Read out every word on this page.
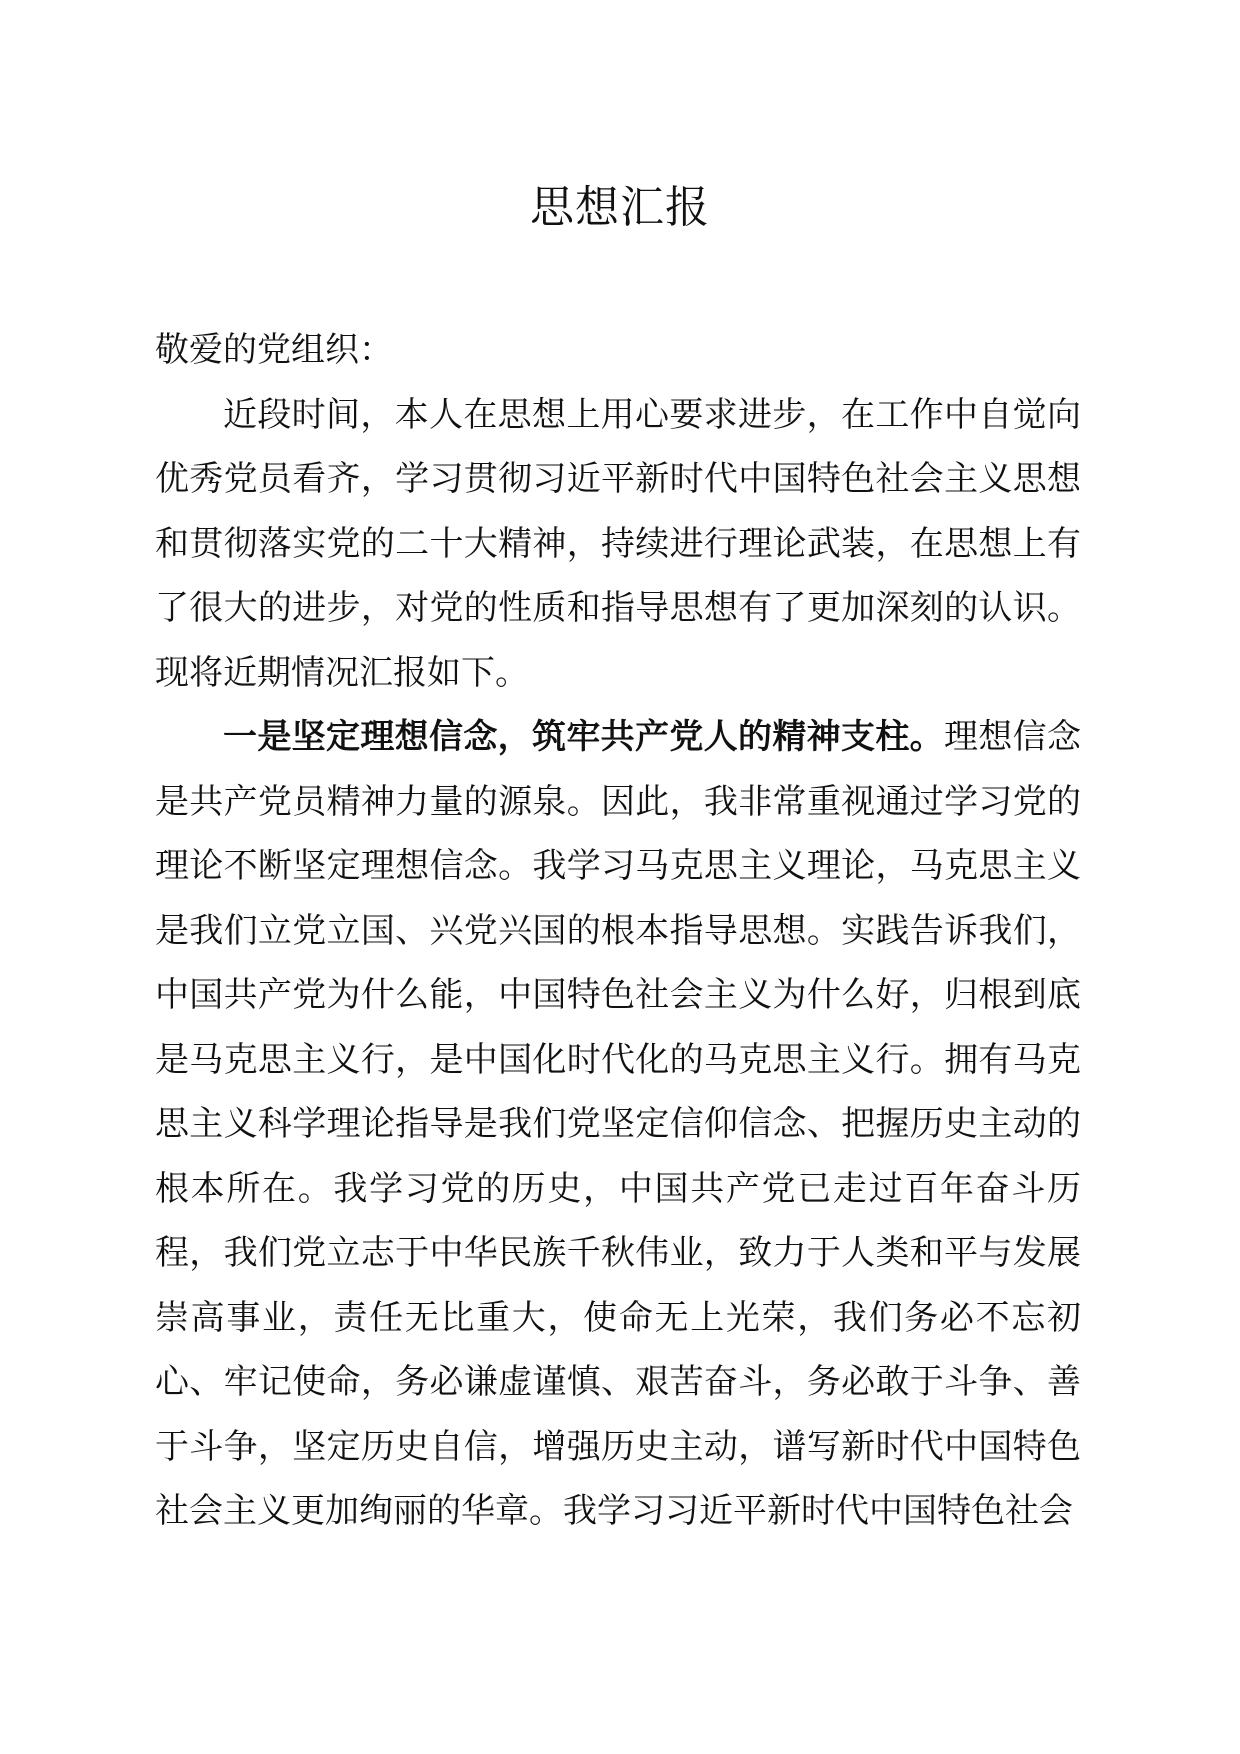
思想汇报

敬爱的党组织：

近段时间，本人在思想上用心要求进步，在工作中自觉向优秀党员看齐，学习贯彻习近平新时代中国特色社会主义思想和贯彻落实党的二十大精神，持续进行理论武装，在思想上有了很大的进步，对党的性质和指导思想有了更加深刻的认识。现将近期情况汇报如下。

一是坚定理想信念，筑牢共产党人的精神支柱。理想信念是共产党员精神力量的源泉。因此，我非常重视通过学习党的理论不断坚定理想信念。我学习马克思主义理论，马克思主义是我们立党立国、兴党兴国的根本指导思想。实践告诉我们，中国共产党为什么能，中国特色社会主义为什么好，归根到底是马克思主义行，是中国化时代化的马克思主义行。拥有马克思主义科学理论指导是我们党坚定信仰信念、把握历史主动的根本所在。我学习党的历史，中国共产党已走过百年奋斗历程，我们党立志于中华民族千秋伟业，致力于人类和平与发展崇高事业，责任无比重大，使命无上光荣，我们务必不忘初心、牢记使命，务必谦虚谨慎、艰苦奋斗，务必敢于斗争、善于斗争，坚定历史自信，增强历史主动，谱写新时代中国特色社会主义更加绚丽的华章。我学习习近平新时代中国特色社会
